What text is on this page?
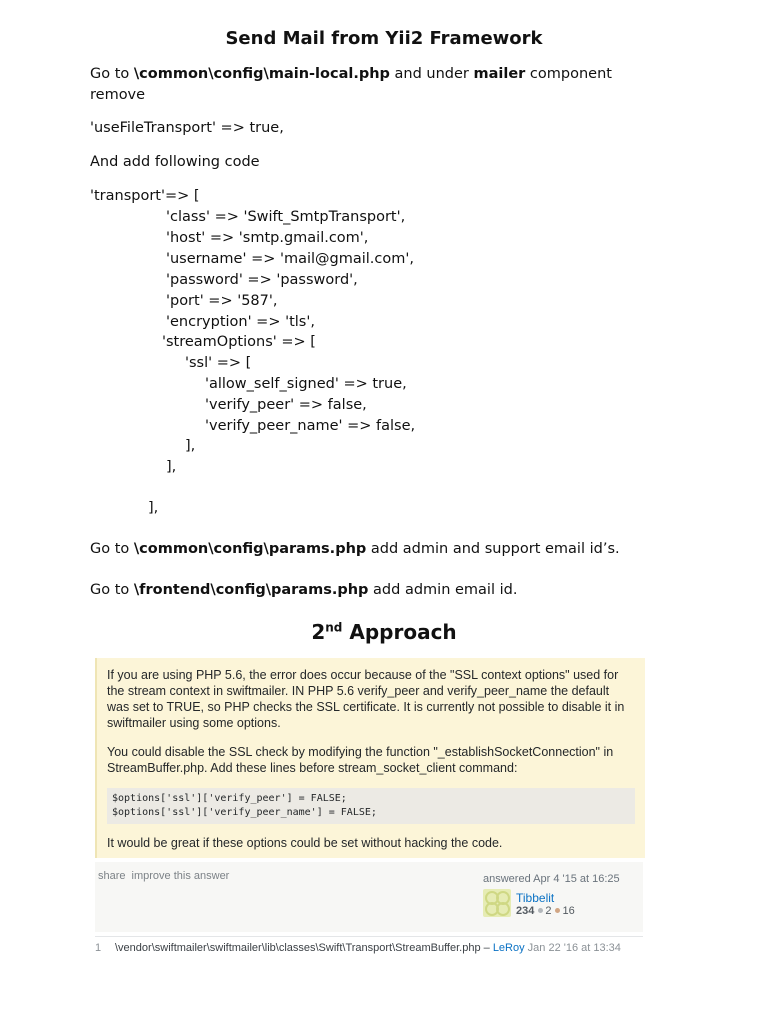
Send Mail from Yii2 Framework
Go to \common\config\main-local.php and under mailer component
remove
'useFileTransport' => true,
And add following code
'transport'=> [
'class' => 'Swift_SmtpTransport',
'host' => 'smtp.gmail.com',
'username' => 'mail@gmail.com',
'password' => 'password',
'port' => '587',
'encryption' => 'tls',
'streamOptions' => [
'ssl' => [
'allow_self_signed' => true,
'verify_peer' => false,
'verify_peer_name' => false,
],
],
],
Go to \common\config\params.php add admin and support email id’s.
Go to \frontend\config\params.php add admin email id.
2nd Approach
If you are using PHP 5.6, the error does occur because of the "SSL context options" used for the stream context in swiftmailer. IN PHP 5.6 verify_peer and verify_peer_name the default was set to TRUE, so PHP checks the SSL certificate. It is currently not possible to disable it in swiftmailer using some options.
You could disable the SSL check by modifying the function "_establishSocketConnection" in StreamBuffer.php. Add these lines before stream_socket_client command:
$options['ssl']['verify_peer'] = FALSE;
$options['ssl']['verify_peer_name'] = FALSE;
It would be great if these options could be set without hacking the code.
share improve this answer	answered Apr 4 '15 at 16:25
Tibbelit
234 2 16
1 \vendor\swiftmailer\swiftmailer\lib\classes\Swift\Transport\StreamBuffer.php – LeRoy Jan 22 '16 at 13:34
